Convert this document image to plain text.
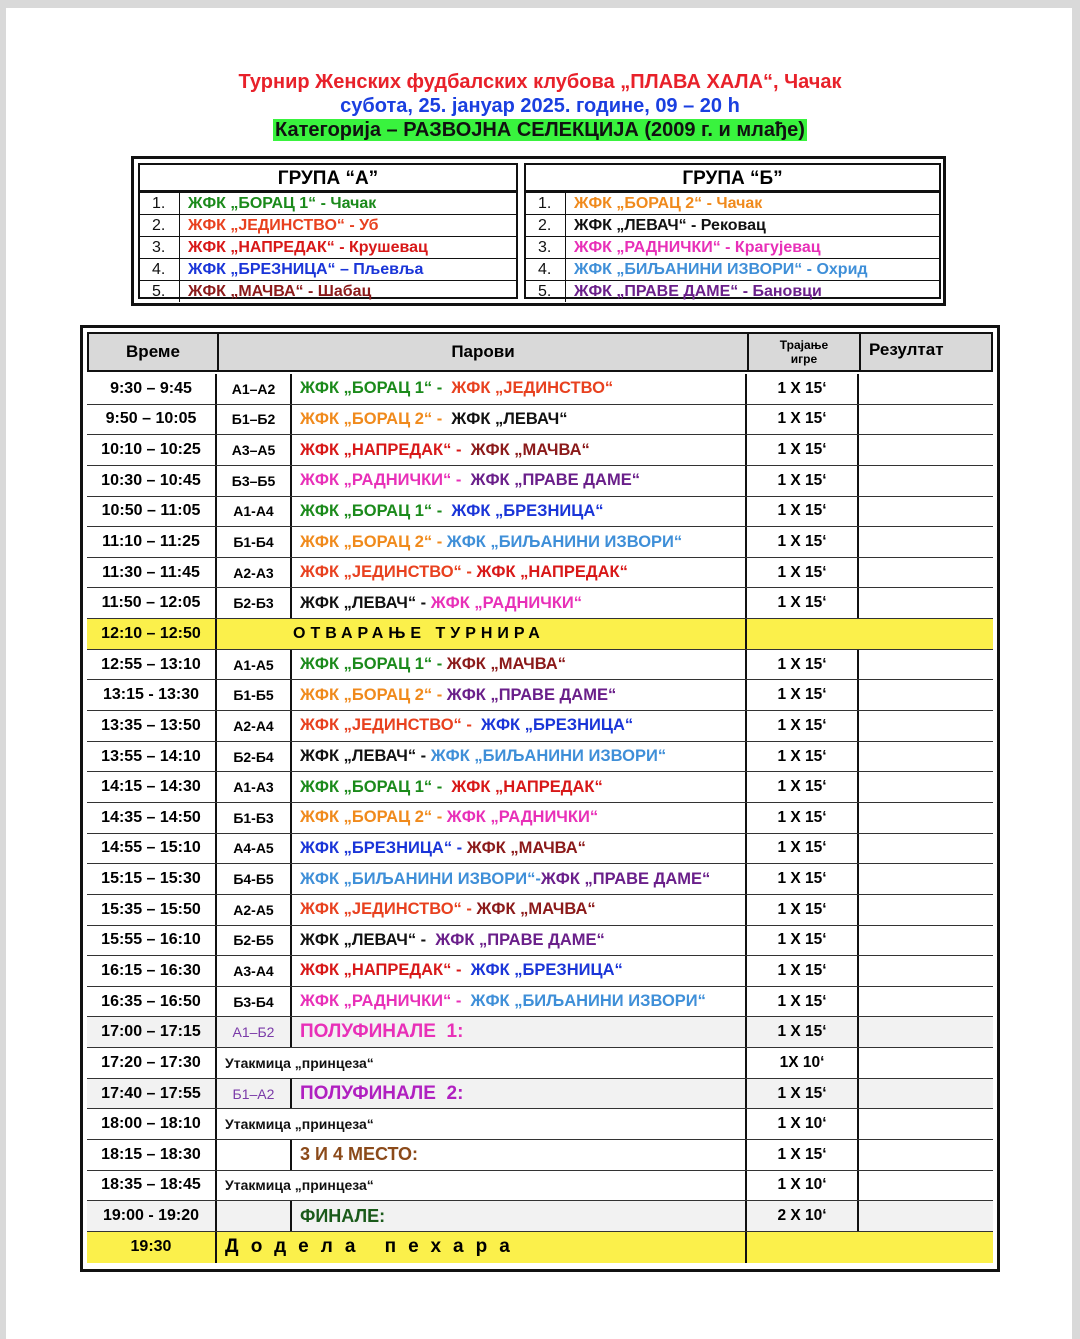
Турнир Женских фудбалских клубова „ПЛАВА ХАЛА“, Чачак
субота, 25. јануар 2025. године, 09 – 20 h
Категорија – РАЗВОЈНА СЕЛЕКЦИЈА (2009 г. и млађе)
ГРУПА “А”
1.	ЖФК „БОРАЦ 1“ - Чачак
2.	ЖФК „ЈЕДИНСТВО“ - Уб
3.	ЖФК „НАПРЕДАК“ - Крушевац
4.	ЖФК „БРЕЗНИЦА“ – Пљевља
5.	ЖФК „МАЧВА“ - Шабац
ГРУПА “Б”
1.	ЖФК „БОРАЦ 2“ - Чачак
2.	ЖФК „ЛЕВАЧ“ - Рековац
3.	ЖФК „РАДНИЧКИ“ - Крагујевац
4.	ЖФК „БИЉАНИНИ ИЗВОРИ“ - Охрид
5.	ЖФК „ПРАВЕ ДАМЕ“ - Бановци
Време	Парови	Трајање
игре	Резултат
9:30 – 9:45	А1–А2	ЖФК „БОРАЦ 1“ - ЖФК „ЈЕДИНСТВО“	1 X 15‘
9:50 – 10:05	Б1–Б2	ЖФК „БОРАЦ 2“ - ЖФК „ЛЕВАЧ“	1 X 15‘
10:10 – 10:25	А3–А5	ЖФК „НАПРЕДАК“ - ЖФК „МАЧВА“	1 X 15‘
10:30 – 10:45	Б3–Б5	ЖФК „РАДНИЧКИ“ - ЖФК „ПРАВЕ ДАМЕ“	1 X 15‘
10:50 – 11:05	А1-А4	ЖФК „БОРАЦ 1“ - ЖФК „БРЕЗНИЦА“	1 X 15‘
11:10 – 11:25	Б1-Б4	ЖФК „БОРАЦ 2“ - ЖФК „БИЉАНИНИ ИЗВОРИ“	1 X 15‘
11:30 – 11:45	А2-А3	ЖФК „ЈЕДИНСТВО“ - ЖФК „НАПРЕДАК“	1 X 15‘
11:50 – 12:05	Б2-Б3	ЖФК „ЛЕВАЧ“ - ЖФК „РАДНИЧКИ“	1 X 15‘
12:10 – 12:50	ОТВАРАЊЕ ТУРНИРА
12:55 – 13:10	А1-А5	ЖФК „БОРАЦ 1“ - ЖФК „МАЧВА“	1 X 15‘
13:15 - 13:30	Б1-Б5	ЖФК „БОРАЦ 2“ - ЖФК „ПРАВЕ ДАМЕ“	1 X 15‘
13:35 – 13:50	А2-А4	ЖФК „ЈЕДИНСТВО“ - ЖФК „БРЕЗНИЦА“	1 X 15‘
13:55 – 14:10	Б2-Б4	ЖФК „ЛЕВАЧ“ - ЖФК „БИЉАНИНИ ИЗВОРИ“	1 X 15‘
14:15 – 14:30	А1-А3	ЖФК „БОРАЦ 1“ - ЖФК „НАПРЕДАК“	1 X 15‘
14:35 – 14:50	Б1-Б3	ЖФК „БОРАЦ 2“ - ЖФК „РАДНИЧКИ“	1 X 15‘
14:55 – 15:10	А4-А5	ЖФК „БРЕЗНИЦА“ - ЖФК „МАЧВА“	1 X 15‘
15:15 – 15:30	Б4-Б5	ЖФК „БИЉАНИНИ ИЗВОРИ“- ЖФК „ПРАВЕ ДАМЕ“	1 X 15‘
15:35 – 15:50	А2-А5	ЖФК „ЈЕДИНСТВО“ - ЖФК „МАЧВА“	1 X 15‘
15:55 – 16:10	Б2-Б5	ЖФК „ЛЕВАЧ“ - ЖФК „ПРАВЕ ДАМЕ“	1 X 15‘
16:15 – 16:30	А3-А4	ЖФК „НАПРЕДАК“ - ЖФК „БРЕЗНИЦА“	1 X 15‘
16:35 – 16:50	Б3-Б4	ЖФК „РАДНИЧКИ“ - ЖФК „БИЉАНИНИ ИЗВОРИ“	1 X 15‘
17:00 – 17:15	А1–Б2	ПОЛУФИНАЛЕ  1:	1 X 15‘
17:20 – 17:30	Утакмица „принцеза“	1X 10‘
17:40 – 17:55	Б1–А2	ПОЛУФИНАЛЕ  2:	1 X 15‘
18:00 – 18:10	Утакмица „принцеза“	1 X 10‘
18:15 – 18:30	3 И 4 МЕСТО:	1 X 15‘
18:35 – 18:45	Утакмица „принцеза“	1 X 10‘
19:00 - 19:20	ФИНАЛЕ:	2 X 10‘
19:30	Додела пехара
